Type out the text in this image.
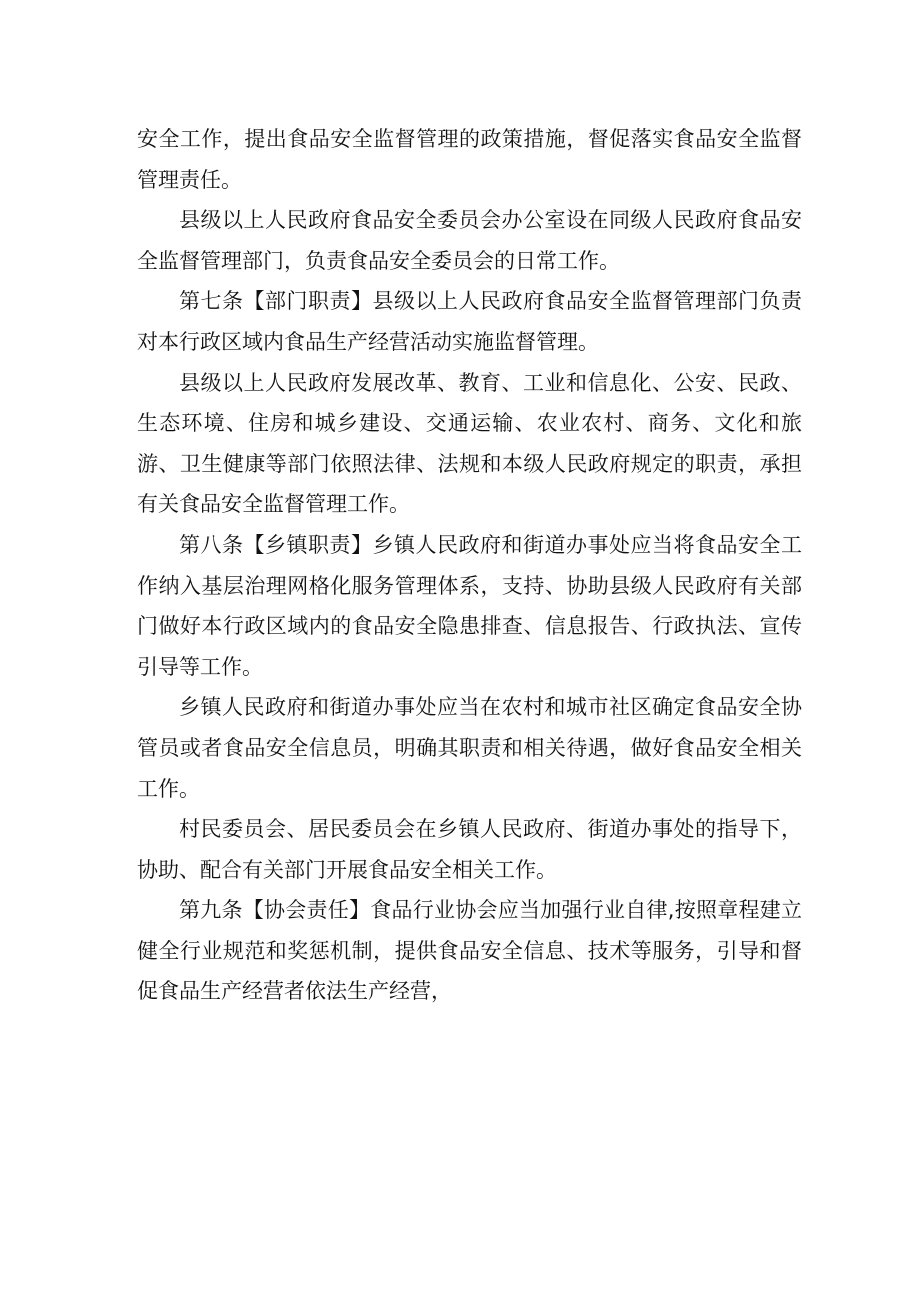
安全工作，提出食品安全监督管理的政策措施，督促落实食品安全监督管理责任。

县级以上人民政府食品安全委员会办公室设在同级人民政府食品安全监督管理部门，负责食品安全委员会的日常工作。

第七条【部门职责】县级以上人民政府食品安全监督管理部门负责对本行政区域内食品生产经营活动实施监督管理。

县级以上人民政府发展改革、教育、工业和信息化、公安、民政、生态环境、住房和城乡建设、交通运输、农业农村、商务、文化和旅游、卫生健康等部门依照法律、法规和本级人民政府规定的职责，承担有关食品安全监督管理工作。

第八条【乡镇职责】乡镇人民政府和街道办事处应当将食品安全工作纳入基层治理网格化服务管理体系，支持、协助县级人民政府有关部门做好本行政区域内的食品安全隐患排查、信息报告、行政执法、宣传引导等工作。

乡镇人民政府和街道办事处应当在农村和城市社区确定食品安全协管员或者食品安全信息员，明确其职责和相关待遇，做好食品安全相关工作。

村民委员会、居民委员会在乡镇人民政府、街道办事处的指导下，协助、配合有关部门开展食品安全相关工作。

第九条【协会责任】食品行业协会应当加强行业自律,按照章程建立健全行业规范和奖惩机制，提供食品安全信息、技术等服务，引导和督促食品生产经营者依法生产经营，
